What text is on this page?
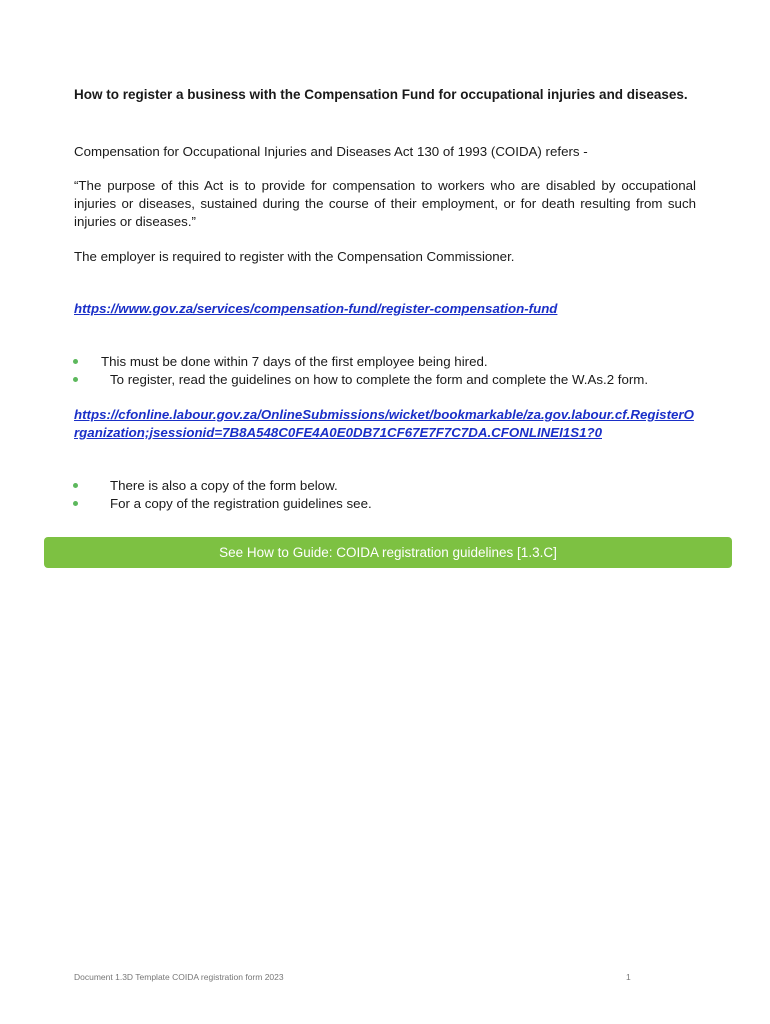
How to register a business with the Compensation Fund for occupational injuries and diseases.

Compensation for Occupational Injuries and Diseases Act 130 of 1993 (COIDA) refers -

“The purpose of this Act is to provide for compensation to workers who are disabled by occupational injuries or diseases, sustained during the course of their employment, or for death resulting from such injuries or diseases.”

The employer is required to register with the Compensation Commissioner.

https://www.gov.za/services/compensation-fund/register-compensation-fund
This must be done within 7 days of the first employee being hired.
To register, read the guidelines on how to complete the form and complete the W.As.2 form.
https://cfonline.labour.gov.za/OnlineSubmissions/wicket/bookmarkable/za.gov.labour.cf.RegisterOrganization;jsessionid=7B8A548C0FE4A0E0DB71CF67E7F7C7DA.CFONLINEI1S1?0
There is also a copy of the form below.
For a copy of the registration guidelines see.
See How to Guide: COIDA registration guidelines [1.3.C]
Document 1.3D Template COIDA registration form 2023	1
